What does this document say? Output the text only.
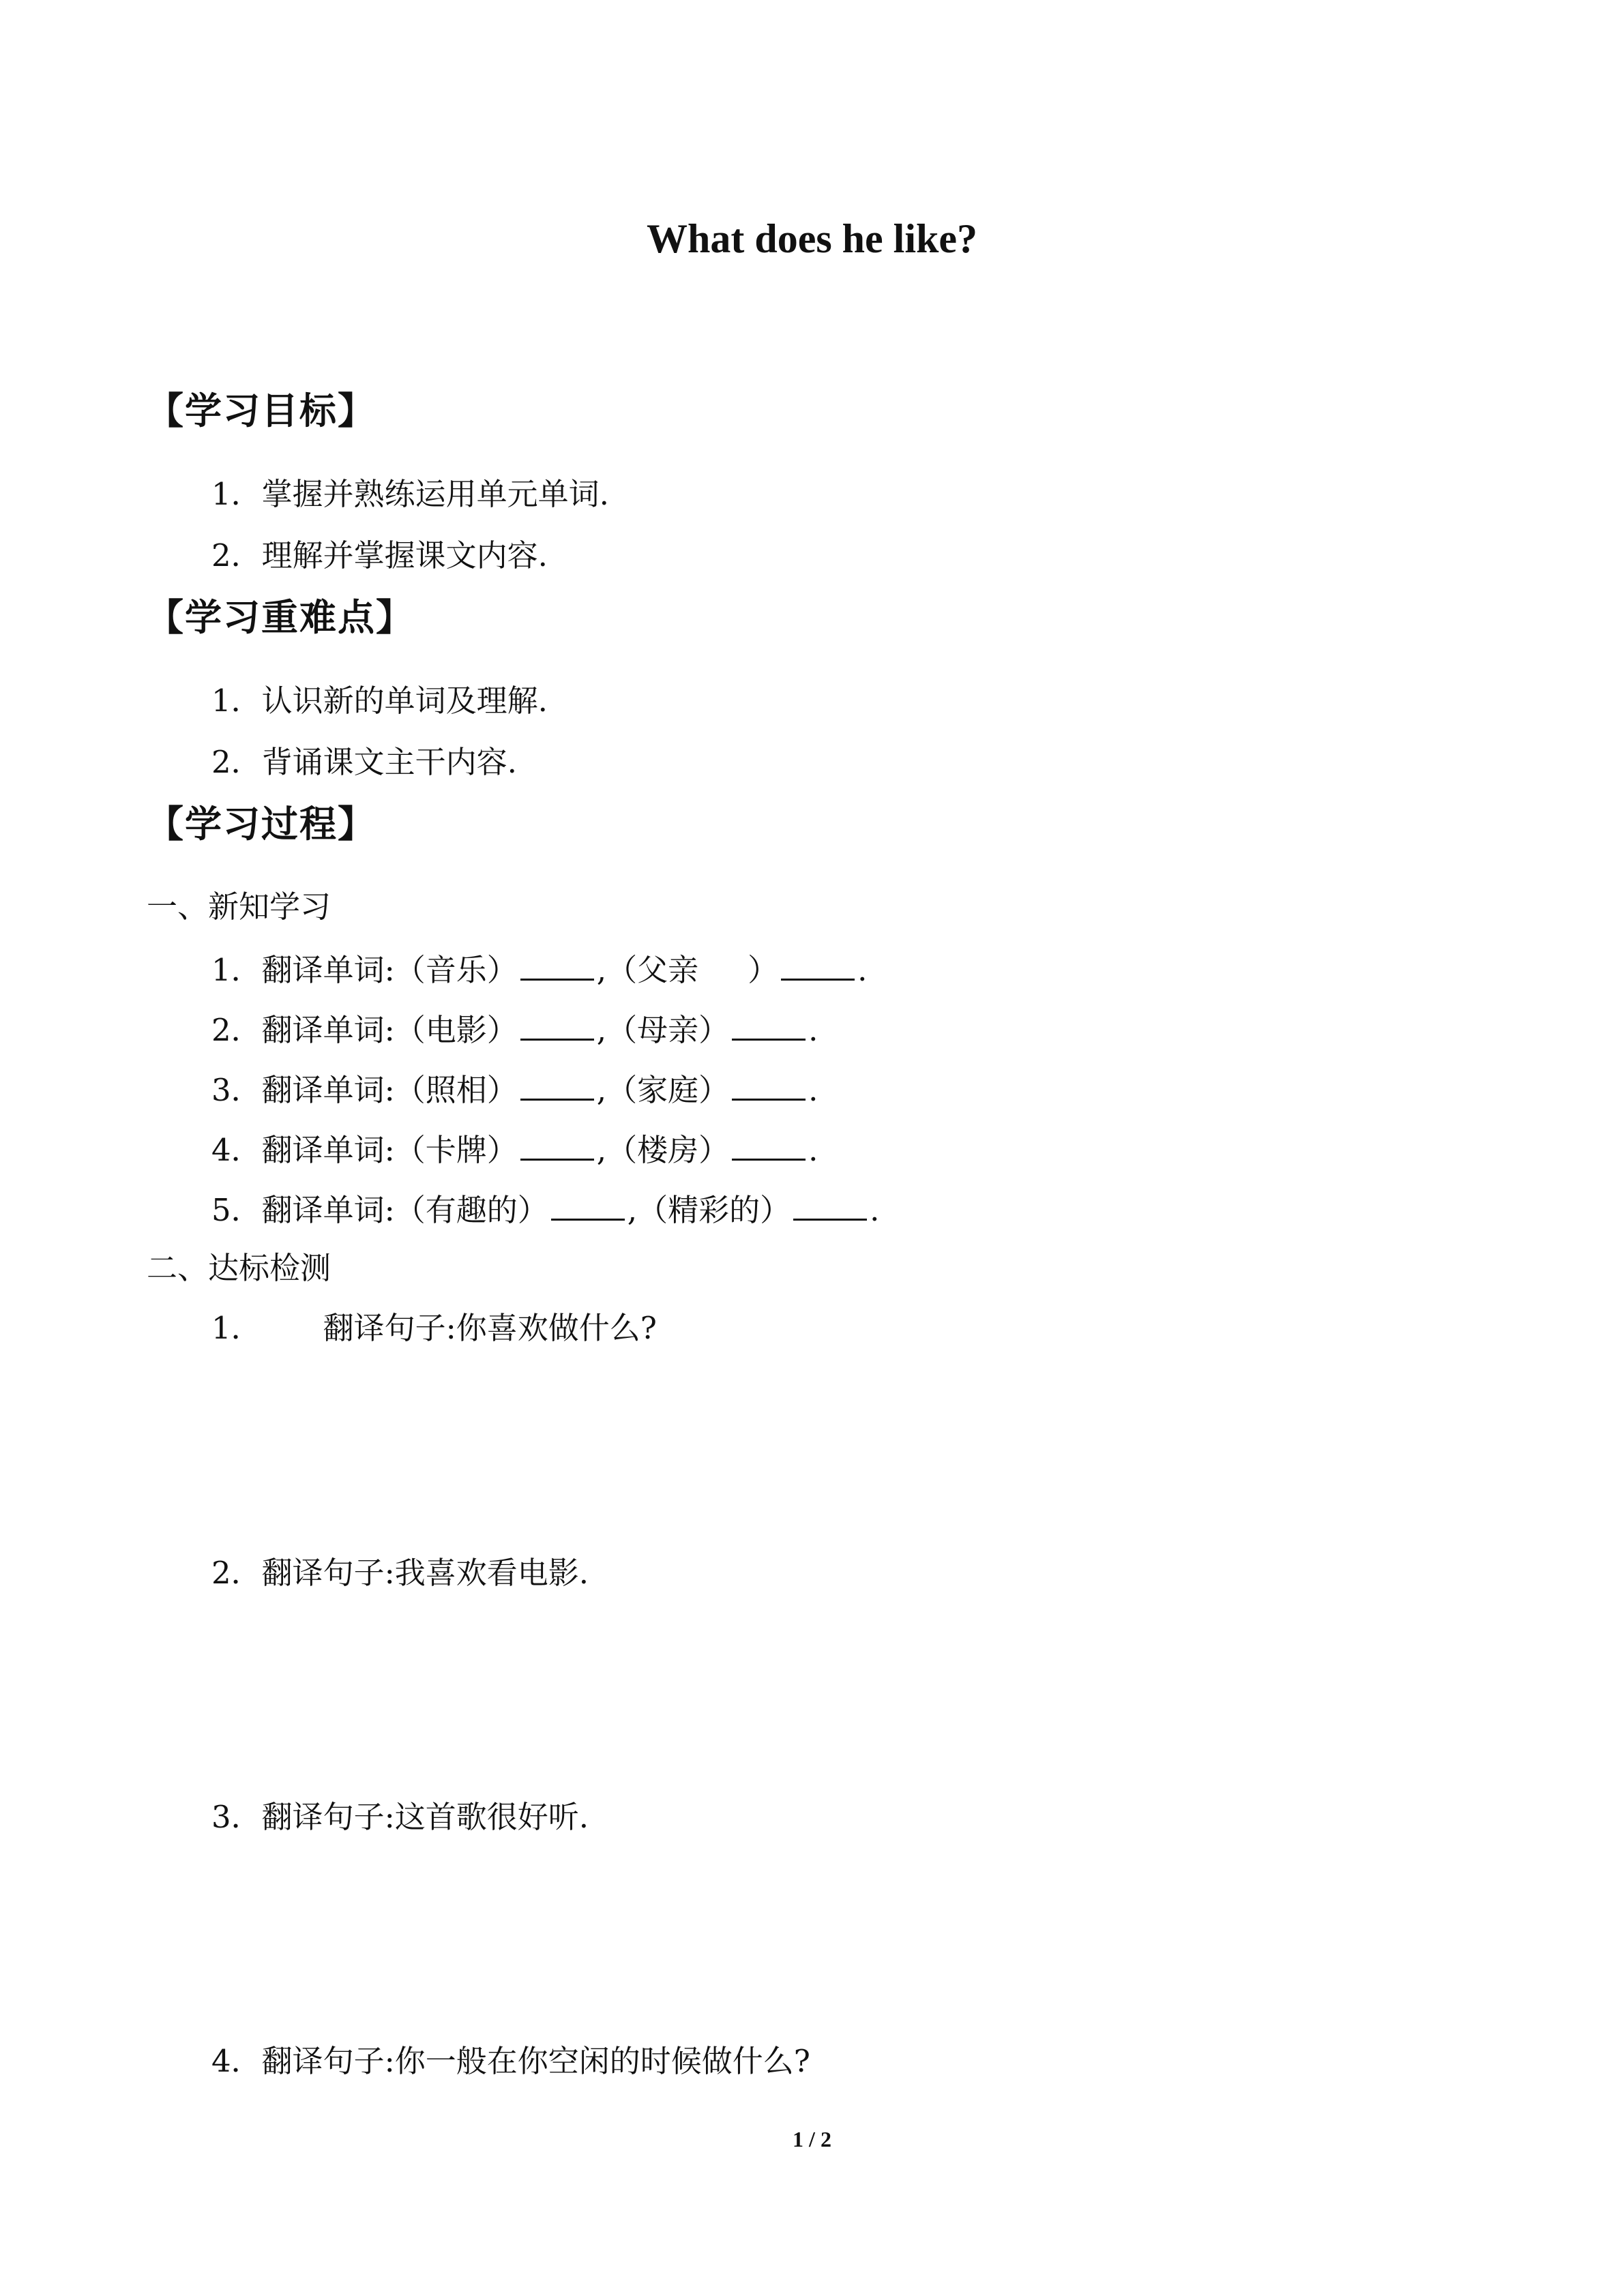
What does he like?
【学习目标】
1．掌握并熟练运用单元单词.
2．理解并掌握课文内容.
【学习重难点】
1．认识新的单词及理解.
2．背诵课文主干内容.
【学习过程】
一、新知学习
1．翻译单词:（音乐）	,（父亲 ）	.
2．翻译单词:（电影）	,（母亲）	.
3．翻译单词:（照相）	,（家庭）	.
4．翻译单词:（卡牌）	,（楼房）	.
5．翻译单词:（有趣的）	,（精彩的）	.
二、达标检测
1． 翻译句子:你喜欢做什么?
2．翻译句子:我喜欢看电影.
3．翻译句子:这首歌很好听.
4．翻译句子:你一般在你空闲的时候做什么?
1 / 2
